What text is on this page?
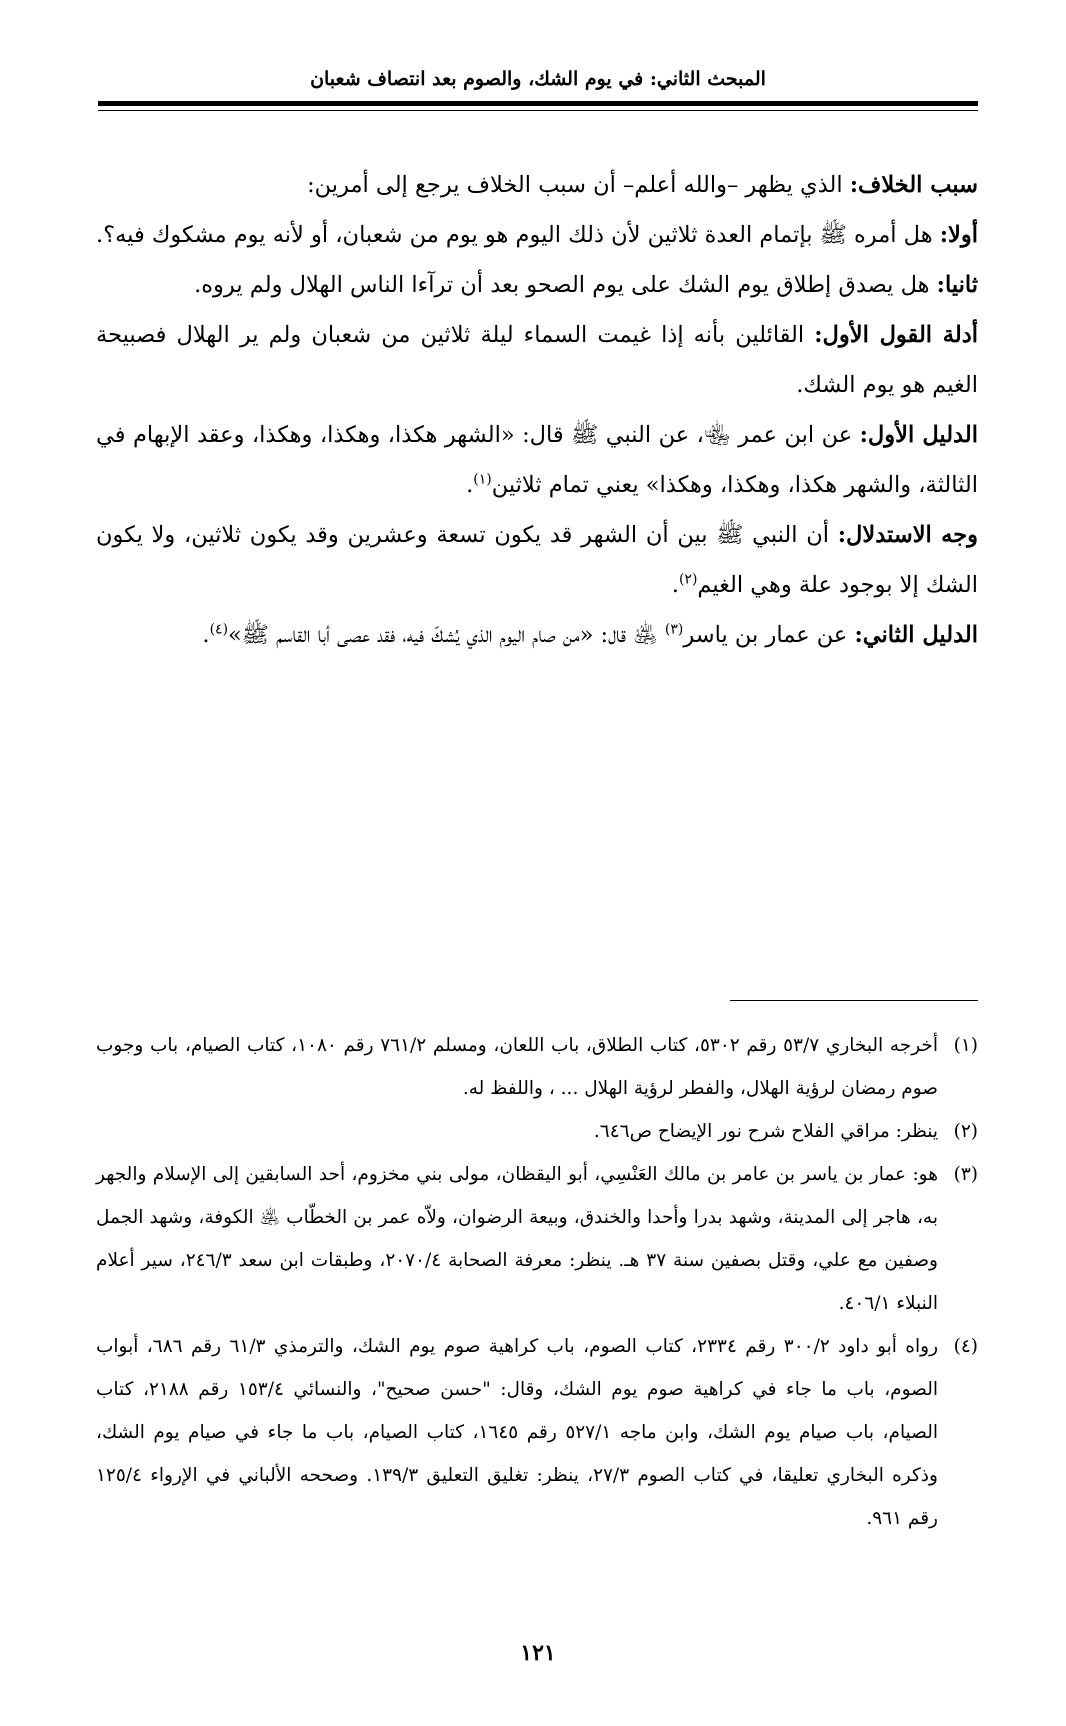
المبحث الثاني: في يوم الشك، والصوم بعد انتصاف شعبان

سبب الخلاف: الذي يظهر –والله أعلم– أن سبب الخلاف يرجع إلى أمرين:

أولا: هل أمره ﷺ بإتمام العدة ثلاثين لأن ذلك اليوم هو يوم من شعبان، أو لأنه يوم مشكوك فيه؟.

ثانيا: هل يصدق إطلاق يوم الشك على يوم الصحو بعد أن ترآءا الناس الهلال ولم يروه.

أدلة القول الأول: القائلين بأنه إذا غيمت السماء ليلة ثلاثين من شعبان ولم ير الهلال فصبيحة الغيم هو يوم الشك.

الدليل الأول: عن ابن عمر ﵄، عن النبي ﷺ قال: «الشهر هكذا، وهكذا، وهكذا، وعقد الإبهام في الثالثة، والشهر هكذا، وهكذا، وهكذا» يعني تمام ثلاثين$^{(١)}$.

وجه الاستدلال: أن النبي ﷺ بين أن الشهر قد يكون تسعة وعشرين وقد يكون ثلاثين، ولا يكون الشك إلا بوجود علة وهي الغيم$^{(٢)}$.

الدليل الثاني: عن عمار بن ياسر$^{(٣)}$ ﵁ قال: «من صام اليوم الذي يُشكّ فيه، فقد عصى أبا القاسم ﷺ»$^{(٤)}$.

(١)أخرجه البخاري ٥٣/٧ رقم ٥٣٠٢، كتاب الطلاق، باب اللعان، ومسلم ٧٦١/٢ رقم ١٠٨٠، كتاب الصيام، باب وجوب صوم رمضان لرؤية الهلال، والفطر لرؤية الهلال ... ، واللفظ له.

(٢)ينظر: مراقي الفلاح شرح نور الإيضاح ص٦٤٦.

(٣)هو: عمار بن ياسر بن عامر بن مالك العَنْسِي، أبو اليقظان، مولى بني مخزوم، أحد السابقين إلى الإسلام والجهر به، هاجر إلى المدينة، وشهد بدرا وأحدا والخندق، وبيعة الرضوان، ولاّه عمر بن الخطّاب ﵁ الكوفة، وشهد الجمل وصفين مع علي، وقتل بصفين سنة ٣٧ هـ. ينظر: معرفة الصحابة ٢٠٧٠/٤، وطبقات ابن سعد ٢٤٦/٣، سير أعلام النبلاء ٤٠٦/١.

(٤)رواه أبو داود ٣٠٠/٢ رقم ٢٣٣٤، كتاب الصوم، باب كراهية صوم يوم الشك، والترمذي ٦١/٣ رقم ٦٨٦، أبواب الصوم، باب ما جاء في كراهية صوم يوم الشك، وقال: "حسن صحيح"، والنسائي ١٥٣/٤ رقم ٢١٨٨، كتاب الصيام، باب صيام يوم الشك، وابن ماجه ٥٢٧/١ رقم ١٦٤٥، كتاب الصيام، باب ما جاء في صيام يوم الشك، وذكره البخاري تعليقا، في كتاب الصوم ٢٧/٣، ينظر: تغليق التعليق ١٣٩/٣. وصححه الألباني في الإرواء ١٢٥/٤ رقم ٩٦١.

١٢١
